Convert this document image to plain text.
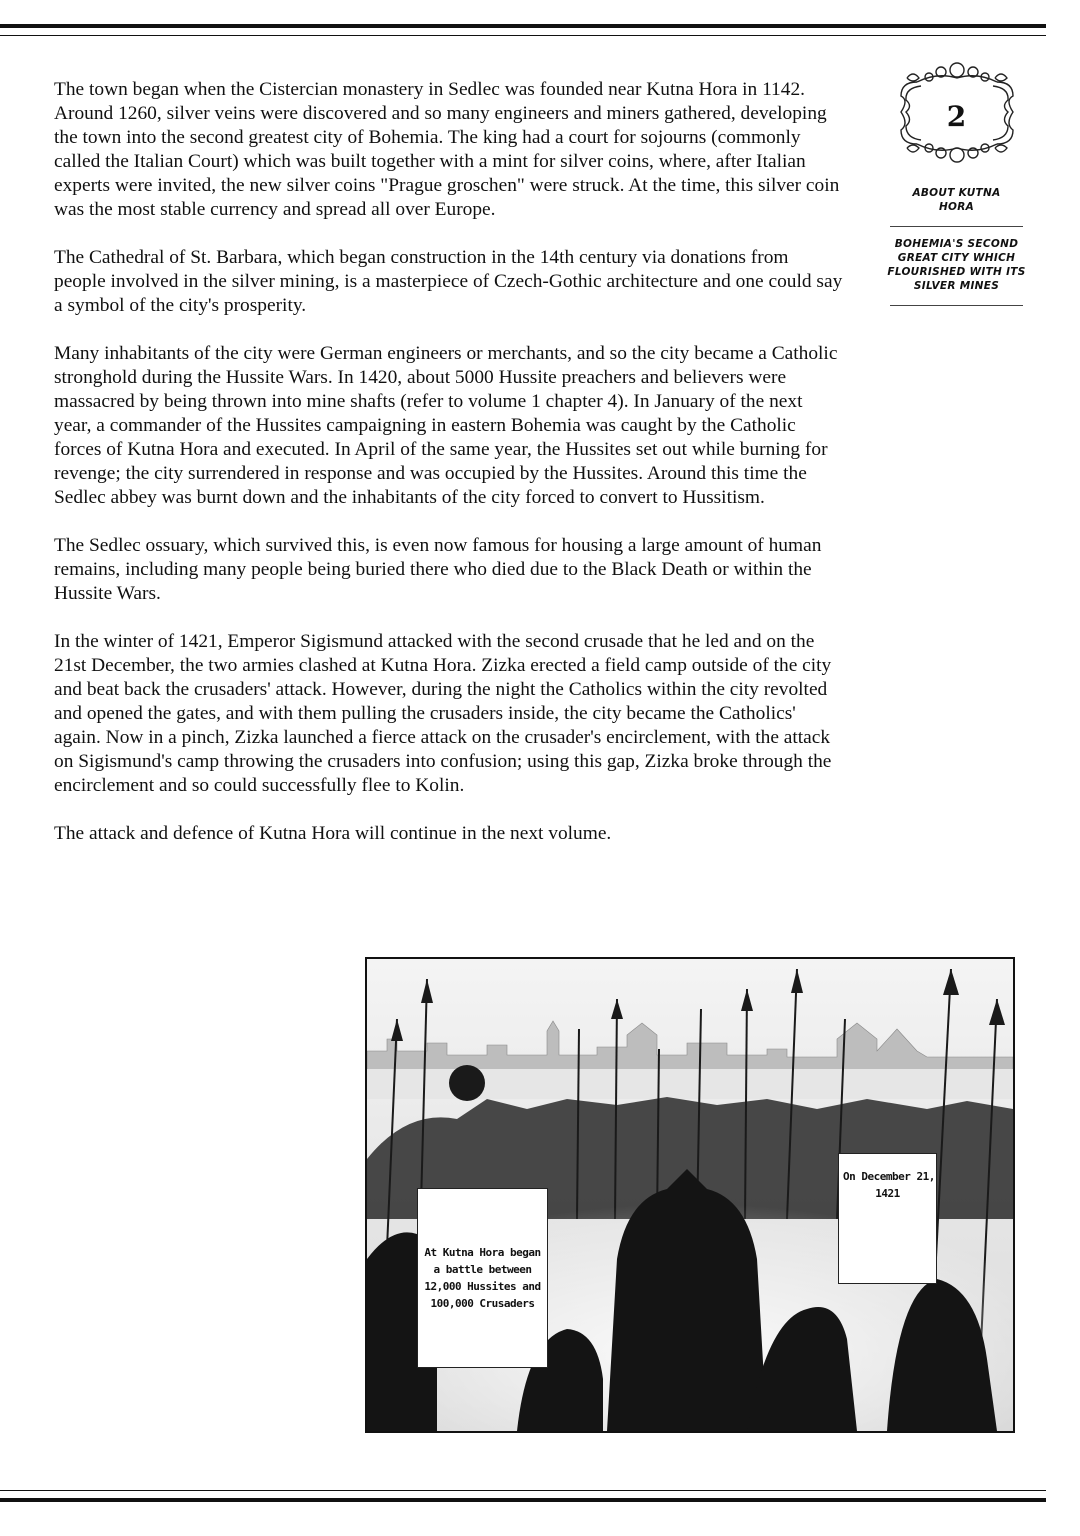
The town began when the Cistercian monastery in Sedlec was founded near Kutna Hora in 1142. Around 1260, silver veins were discovered and so many engineers and miners gathered, developing the town into the second greatest city of Bohemia. The king had a court for sojourns (commonly called the Italian Court) which was built together with a mint for silver coins, where, after Italian experts were invited, the new silver coins "Prague groschen" were struck. At the time, this silver coin was the most stable currency and spread all over Europe.

The Cathedral of St. Barbara, which began construction in the 14th century via donations from people involved in the silver mining, is a masterpiece of Czech-Gothic architecture and one could say a symbol of the city's prosperity.

Many inhabitants of the city were German engineers or merchants, and so the city became a Catholic stronghold during the Hussite Wars. In 1420, about 5000 Hussite preachers and believers were massacred by being thrown into mine shafts (refer to volume 1 chapter 4). In January of the next year, a commander of the Hussites campaigning in eastern Bohemia was caught by the Catholic forces of Kutna Hora and executed. In April of the same year, the Hussites set out while burning for revenge; the city surrendered in response and was occupied by the Hussites. Around this time the Sedlec abbey was burnt down and the inhabitants of the city forced to convert to Hussitism.

The Sedlec ossuary, which survived this, is even now famous for housing a large amount of human remains, including many people being buried there who died due to the Black Death or within the Hussite Wars.

In the winter of 1421, Emperor Sigismund attacked with the second crusade that he led and on the 21st December, the two armies clashed at Kutna Hora. Zizka erected a field camp outside of the city and beat back the crusaders' attack. However, during the night the Catholics within the city revolted and opened the gates, and with them pulling the crusaders inside, the city became the Catholics' again. Now in a pinch, Zizka launched a fierce attack on the crusader's encirclement, with the attack on Sigismund's camp throwing the crusaders into confusion; using this gap, Zizka broke through the encirclement and so could successfully flee to Kolin.

The attack and defence of Kutna Hora will continue in the next volume.

2
ABOUT KUTNA HORA
BOHEMIA'S SECOND GREAT CITY WHICH FLOURISHED WITH ITS SILVER MINES
At Kutna Hora began
a battle between
12,000 Hussites and
100,000 Crusaders
On December 21,
1421
